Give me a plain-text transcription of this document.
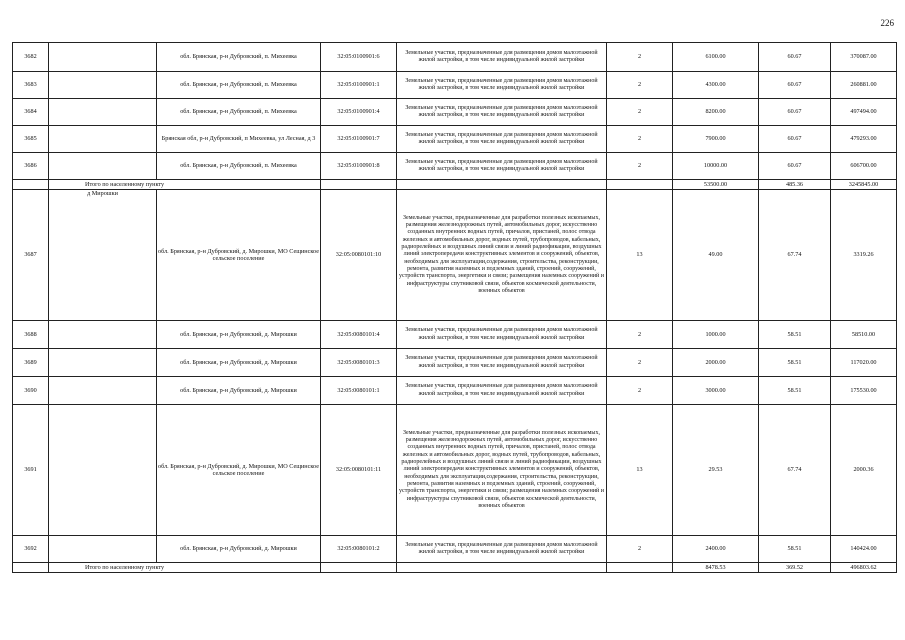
226
3682		обл. Брянская, р-н Дубровский, п. Михеевка	32:05:0100901:6	Земельные участки, предназначенные для размещения домов малоэтажной жилой застройки, в том числе индивидуальной жилой застройки	2	6100.00	60.67	370087.00
3683		обл. Брянская, р-н Дубровский, п. Михеевка	32:05:0100901:1	Земельные участки, предназначенные для размещения домов малоэтажной жилой застройки, в том числе индивидуальной жилой застройки	2	4300.00	60.67	260881.00
3684		обл. Брянская, р-н Дубровский, п. Михеевка	32:05:0100901:4	Земельные участки, предназначенные для размещения домов малоэтажной жилой застройки, в том числе индивидуальной жилой застройки	2	8200.00	60.67	497494.00
3685		Брянская обл, р-н Дубровский, п Михеевка, ул Лесная, д 3	32:05:0100901:7	Земельные участки, предназначенные для размещения домов малоэтажной жилой застройки, в том числе индивидуальной жилой застройки	2	7900.00	60.67	479293.00
3686		обл. Брянская, р-н Дубровский, п. Михеевка	32:05:0100901:8	Земельные участки, предназначенные для размещения домов малоэтажной жилой застройки, в том числе индивидуальной жилой застройки	2	10000.00	60.67	606700.00
	Итого по населенному пункту					53500.00	485.36	3245845.00
3687	д Мирошки	обл. Брянская, р-н Дубровский, д. Мирошки, МО Сещинское сельское поселение	32:05:0080101:10	Земельные участки, предназначенные для разработки полезных ископаемых, размещения железнодорожных путей, автомобильных дорог, искусственно созданных внутренних водных путей, причалов, пристаней, полос отвода железных и автомобильных дорог, водных путей, трубопроводов, кабельных, радиорелейных и воздушных линий связи и линий радиофикации, воздушных линий электропередачи конструктивных элементов и сооружений, объектов, необходимых для эксплуатации,содержания, строительства, реконструкции, ремонта, развития наземных и подземных зданий, строений, сооружений, устройств транспорта, энергетики и связи; размещения наземных сооружений и инфраструктуры спутниковой связи, объектов космической деятельности, военных объектов	13	49.00	67.74	3319.26
3688		обл. Брянская, р-н Дубровский, д. Мирошки	32:05:0080101:4	Земельные участки, предназначенные для размещения домов малоэтажной жилой застройки, в том числе индивидуальной жилой застройки	2	1000.00	58.51	58510.00
3689		обл. Брянская, р-н Дубровский, д. Мирошки	32:05:0080101:3	Земельные участки, предназначенные для размещения домов малоэтажной жилой застройки, в том числе индивидуальной жилой застройки	2	2000.00	58.51	117020.00
3690		обл. Брянская, р-н Дубровский, д. Мирошки	32:05:0080101:1	Земельные участки, предназначенные для размещения домов малоэтажной жилой застройки, в том числе индивидуальной жилой застройки	2	3000.00	58.51	175530.00
3691		обл. Брянская, р-н Дубровский, д. Мирошки, МО Сещинское сельское поселение	32:05:0080101:11	Земельные участки, предназначенные для разработки полезных ископаемых, размещения железнодорожных путей, автомобильных дорог, искусственно созданных внутренних водных путей, причалов, пристаней, полос отвода железных и автомобильных дорог, водных путей, трубопроводов, кабельных, радиорелейных и воздушных линий связи и линий радиофикации, воздушных линий электропередачи конструктивных элементов и сооружений, объектов, необходимых для эксплуатации,содержания, строительства, реконструкции, ремонта, развития наземных и подземных зданий, строений, сооружений, устройств транспорта, энергетики и связи; размещения наземных сооружений и инфраструктуры спутниковой связи, объектов космической деятельности, военных объектов	13	29.53	67.74	2000.36
3692		обл. Брянская, р-н Дубровский, д. Мирошки	32:05:0080101:2	Земельные участки, предназначенные для размещения домов малоэтажной жилой застройки, в том числе индивидуальной жилой застройки	2	2400.00	58.51	140424.00
	Итого по населенному пункту					8478.53	369.52	496803.62
